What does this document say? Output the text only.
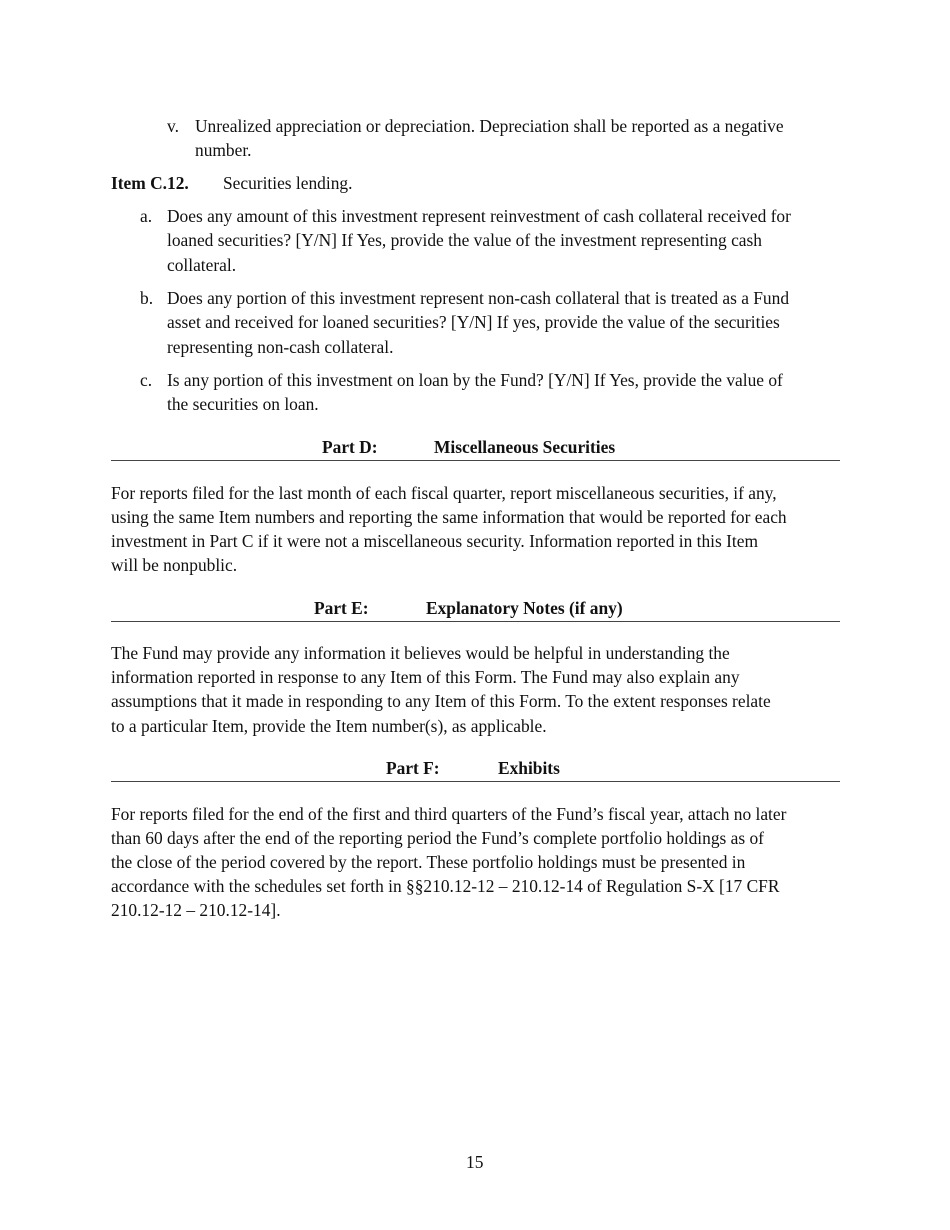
v. Unrealized appreciation or depreciation. Depreciation shall be reported as a negative
number.
Item C.12. Securities lending.
a. Does any amount of this investment represent reinvestment of cash collateral received for
loaned securities? [Y/N] If Yes, provide the value of the investment representing cash
collateral.
b. Does any portion of this investment represent non-cash collateral that is treated as a Fund
asset and received for loaned securities? [Y/N] If yes, provide the value of the securities
representing non-cash collateral.
c. Is any portion of this investment on loan by the Fund? [Y/N] If Yes, provide the value of
the securities on loan.
Part D:	Miscellaneous Securities
For reports filed for the last month of each fiscal quarter, report miscellaneous securities, if any,
using the same Item numbers and reporting the same information that would be reported for each
investment in Part C if it were not a miscellaneous security. Information reported in this Item
will be nonpublic.
Part E:	Explanatory Notes (if any)
The Fund may provide any information it believes would be helpful in understanding the
information reported in response to any Item of this Form. The Fund may also explain any
assumptions that it made in responding to any Item of this Form. To the extent responses relate
to a particular Item, provide the Item number(s), as applicable.
Part F:	Exhibits
For reports filed for the end of the first and third quarters of the Fund’s fiscal year, attach no later
than 60 days after the end of the reporting period the Fund’s complete portfolio holdings as of
the close of the period covered by the report. These portfolio holdings must be presented in
accordance with the schedules set forth in §§210.12-12 – 210.12-14 of Regulation S-X [17 CFR
210.12-12 – 210.12-14].
15
